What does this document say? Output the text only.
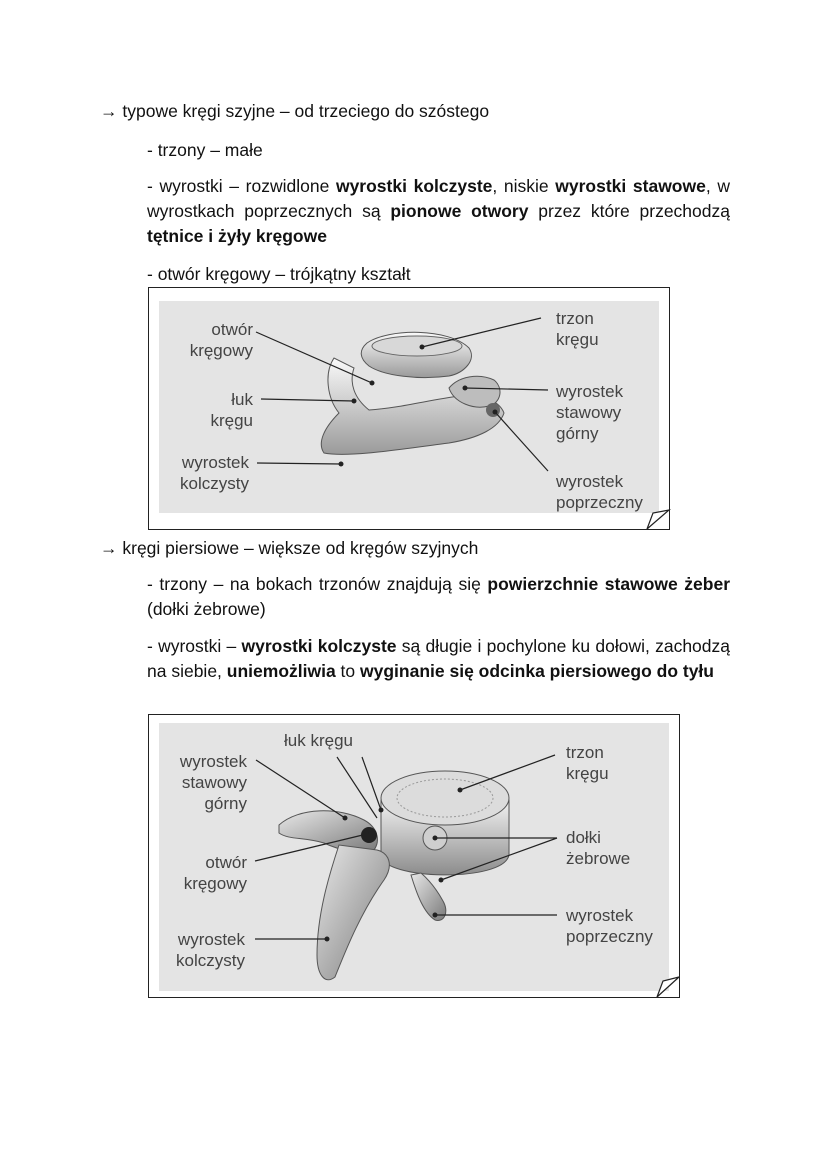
→ typowe kręgi szyjne – od trzeciego do szóstego
- trzony – małe
- wyrostki – rozwidlone wyrostki kolczyste, niskie wyrostki stawowe, w wyrostkach poprzecznych są pionowe otwory przez które przechodzą tętnice i żyły kręgowe
- otwór kręgowy – trójkątny kształt
otwór
kręgowy
łuk
kręgu
wyrostek
kolczysty
trzon
kręgu
wyrostek
stawowy
górny
wyrostek
poprzeczny
→ kręgi piersiowe – większe od kręgów szyjnych
- trzony – na bokach trzonów znajdują się powierzchnie stawowe żeber (dołki żebrowe)
- wyrostki – wyrostki kolczyste są długie i pochylone ku dołowi, zachodzą na siebie, uniemożliwia to wyginanie się odcinka piersiowego do tyłu
łuk kręgu
wyrostek
stawowy
górny
otwór
kręgowy
wyrostek
kolczysty
trzon
kręgu
dołki
żebrowe
wyrostek
poprzeczny
